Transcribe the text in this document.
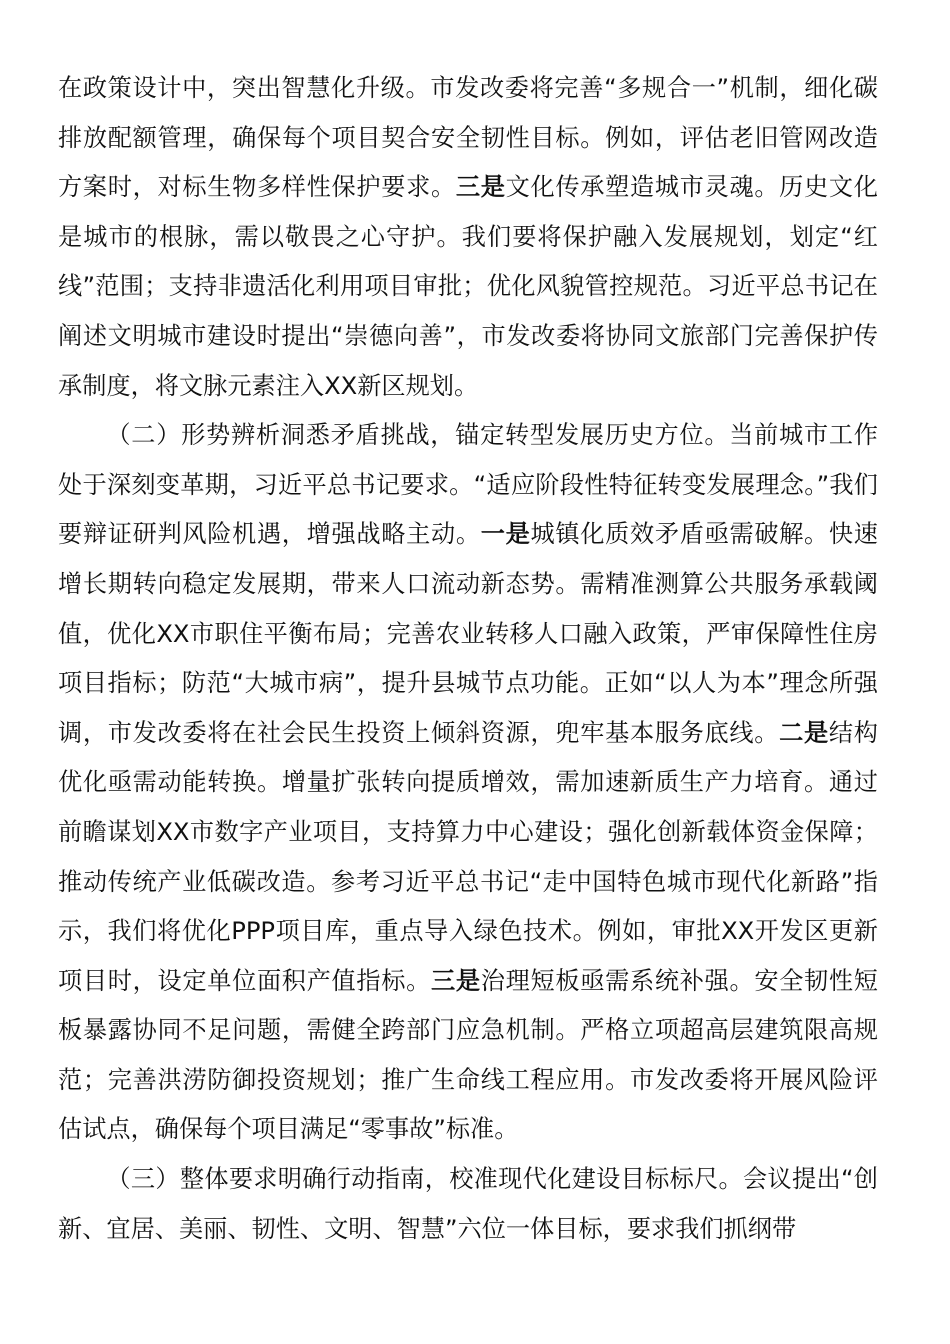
在政策设计中，突出智慧化升级。市发改委将完善“多规合一”机制，细化碳排放配额管理，确保每个项目契合安全韧性目标。例如，评估老旧管网改造方案时，对标生物多样性保护要求。三是文化传承塑造城市灵魂。历史文化是城市的根脉，需以敬畏之心守护。我们要将保护融入发展规划，划定“红线”范围；支持非遗活化利用项目审批；优化风貌管控规范。习近平总书记在阐述文明城市建设时提出“崇德向善”，市发改委将协同文旅部门完善保护传承制度，将文脉元素注入XX新区规划。

（二）形势辨析洞悉矛盾挑战，锚定转型发展历史方位。当前城市工作处于深刻变革期，习近平总书记要求。“适应阶段性特征转变发展理念。”我们要辩证研判风险机遇，增强战略主动。一是城镇化质效矛盾亟需破解。快速增长期转向稳定发展期，带来人口流动新态势。需精准测算公共服务承载阈值，优化XX市职住平衡布局；完善农业转移人口融入政策，严审保障性住房项目指标；防范“大城市病”，提升县城节点功能。正如“以人为本”理念所强调，市发改委将在社会民生投资上倾斜资源，兜牢基本服务底线。二是结构优化亟需动能转换。增量扩张转向提质增效，需加速新质生产力培育。通过前瞻谋划XX市数字产业项目，支持算力中心建设；强化创新载体资金保障；推动传统产业低碳改造。参考习近平总书记“走中国特色城市现代化新路”指示，我们将优化PPP项目库，重点导入绿色技术。例如，审批XX开发区更新项目时，设定单位面积产值指标。三是治理短板亟需系统补强。安全韧性短板暴露协同不足问题，需健全跨部门应急机制。严格立项超高层建筑限高规范；完善洪涝防御投资规划；推广生命线工程应用。市发改委将开展风险评估试点，确保每个项目满足“零事故”标准。

（三）整体要求明确行动指南，校准现代化建设目标标尺。会议提出“创新、宜居、美丽、韧性、文明、智慧”六位一体目标，要求我们抓纲带
